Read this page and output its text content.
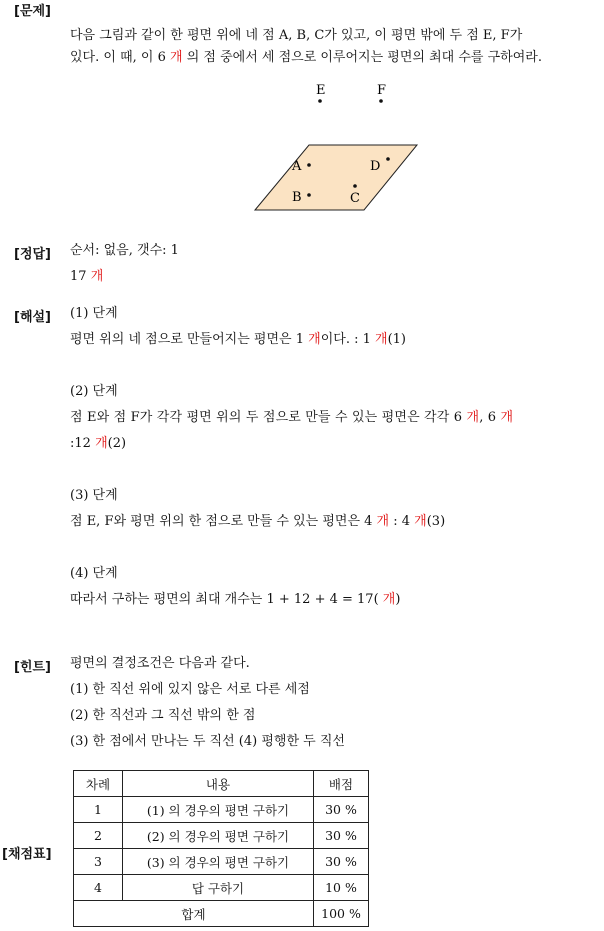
[문제]
다음 그림과 같이 한 평면 위에 네 점 A, B, C가 있고, 이 평면 밖에 두 점 E, F가
있다. 이 때, 이 6 개 의 점 중에서 세 점으로 이루어지는 평면의 최대 수를 구하여라.
E	F
A	D
B	C
[정답] 순서: 없음, 갯수: 1
17 개
[해설] (1) 단계
평면 위의 네 점으로 만들어지는 평면은 1 개이다. : 1 개(1)
(2) 단계
점 E와 점 F가 각각 평면 위의 두 점으로 만들 수 있는 평면은 각각 6 개, 6 개
:12 개(2)
(3) 단계
점 E, F와 평면 위의 한 점으로 만들 수 있는 평면은 4 개 : 4 개(3)
(4) 단계
따라서 구하는 평면의 최대 개수는 1 + 12 + 4 = 17( 개)
[힌트] 평면의 결정조건은 다음과 같다.
(1) 한 직선 위에 있지 않은 서로 다른 세점
(2) 한 직선과 그 직선 밖의 한 점
(3) 한 점에서 만나는 두 직선 (4) 평행한 두 직선
[채점표]
차례	내용	배점
1	(1) 의 경우의 평면 구하기	30 %
2	(2) 의 경우의 평면 구하기	30 %
3	(3) 의 경우의 평면 구하기	30 %
4	답 구하기	10 %
합계		100 %
